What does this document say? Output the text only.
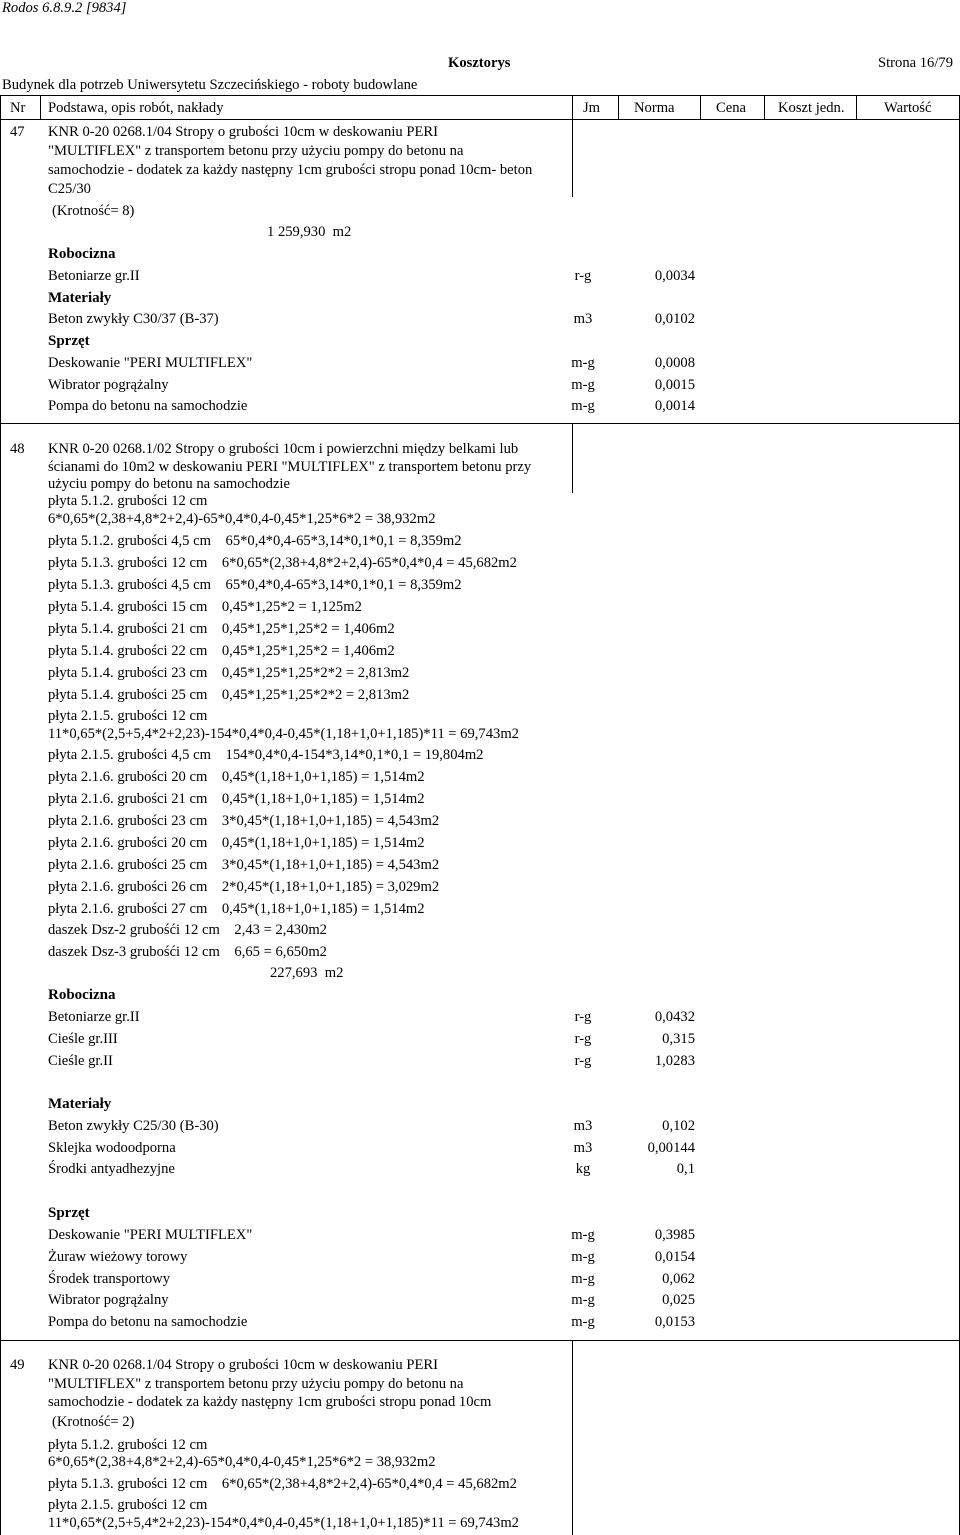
Rodos 6.8.9.2 [9834]
Kosztorys	Strona 16/79
Budynek dla potrzeb Uniwersytetu Szczecińskiego - roboty budowlane
Nr Podstawa, opis robót, nakłady	Jm Norma	Cena Koszt jedn.	Wartość
47 KNR 0-20 0268.1/04 Stropy o grubości 10cm w deskowaniu PERI
"MULTIFLEX" z transportem betonu przy użyciu pompy do betonu na
samochodzie - dodatek za każdy następny 1cm grubości stropu ponad 10cm- beton
C25/30
(Krotność= 8)
1 259,930  m2
Robocizna
Betoniarze gr.II	r-g	0,0034
Materiały
Beton zwykły C30/37 (B-37)	m3	0,0102
Sprzęt
Deskowanie "PERI MULTIFLEX"	m-g	0,0008
Wibrator pogrążalny	m-g	0,0015
Pompa do betonu na samochodzie	m-g	0,0014
48 KNR 0-20 0268.1/02 Stropy o grubości 10cm i powierzchni między belkami lub
ścianami do 10m2 w deskowaniu PERI "MULTIFLEX" z transportem betonu przy
użyciu pompy do betonu na samochodzie
płyta 5.1.2. grubości 12 cm
6*0,65*(2,38+4,8*2+2,4)-65*0,4*0,4-0,45*1,25*6*2 = 38,932m2
płyta 5.1.2. grubości 4,5 cm    65*0,4*0,4-65*3,14*0,1*0,1 = 8,359m2
płyta 5.1.3. grubości 12 cm    6*0,65*(2,38+4,8*2+2,4)-65*0,4*0,4 = 45,682m2
płyta 5.1.3. grubości 4,5 cm    65*0,4*0,4-65*3,14*0,1*0,1 = 8,359m2
płyta 5.1.4. grubości 15 cm    0,45*1,25*2 = 1,125m2
płyta 5.1.4. grubości 21 cm    0,45*1,25*1,25*2 = 1,406m2
płyta 5.1.4. grubości 22 cm    0,45*1,25*1,25*2 = 1,406m2
płyta 5.1.4. grubości 23 cm    0,45*1,25*1,25*2*2 = 2,813m2
płyta 5.1.4. grubości 25 cm    0,45*1,25*1,25*2*2 = 2,813m2
płyta 2.1.5. grubości 12 cm
11*0,65*(2,5+5,4*2+2,23)-154*0,4*0,4-0,45*(1,18+1,0+1,185)*11 = 69,743m2
płyta 2.1.5. grubości 4,5 cm    154*0,4*0,4-154*3,14*0,1*0,1 = 19,804m2
płyta 2.1.6. grubości 20 cm    0,45*(1,18+1,0+1,185) = 1,514m2
płyta 2.1.6. grubości 21 cm    0,45*(1,18+1,0+1,185) = 1,514m2
płyta 2.1.6. grubości 23 cm    3*0,45*(1,18+1,0+1,185) = 4,543m2
płyta 2.1.6. grubości 20 cm    0,45*(1,18+1,0+1,185) = 1,514m2
płyta 2.1.6. grubości 25 cm    3*0,45*(1,18+1,0+1,185) = 4,543m2
płyta 2.1.6. grubości 26 cm    2*0,45*(1,18+1,0+1,185) = 3,029m2
płyta 2.1.6. grubości 27 cm    0,45*(1,18+1,0+1,185) = 1,514m2
daszek Dsz-2 grubośći 12 cm    2,43 = 2,430m2
daszek Dsz-3 grubośći 12 cm    6,65 = 6,650m2
227,693  m2
Robocizna
Betoniarze gr.II	r-g	0,0432
Cieśle gr.III	r-g	0,315
Cieśle gr.II	r-g	1,0283
Materiały
Beton zwykły C25/30 (B-30)	m3	0,102
Sklejka wodoodporna	m3	0,00144
Środki antyadhezyjne	kg	0,1
Sprzęt
Deskowanie "PERI MULTIFLEX"	m-g	0,3985
Żuraw wieżowy torowy	m-g	0,0154
Środek transportowy	m-g	0,062
Wibrator pogrążalny	m-g	0,025
Pompa do betonu na samochodzie	m-g	0,0153
49 KNR 0-20 0268.1/04 Stropy o grubości 10cm w deskowaniu PERI
"MULTIFLEX" z transportem betonu przy użyciu pompy do betonu na
samochodzie - dodatek za każdy następny 1cm grubości stropu ponad 10cm
(Krotność= 2)
płyta 5.1.2. grubości 12 cm
6*0,65*(2,38+4,8*2+2,4)-65*0,4*0,4-0,45*1,25*6*2 = 38,932m2
płyta 5.1.3. grubości 12 cm    6*0,65*(2,38+4,8*2+2,4)-65*0,4*0,4 = 45,682m2
płyta 2.1.5. grubości 12 cm
11*0,65*(2,5+5,4*2+2,23)-154*0,4*0,4-0,45*(1,18+1,0+1,185)*11 = 69,743m2
